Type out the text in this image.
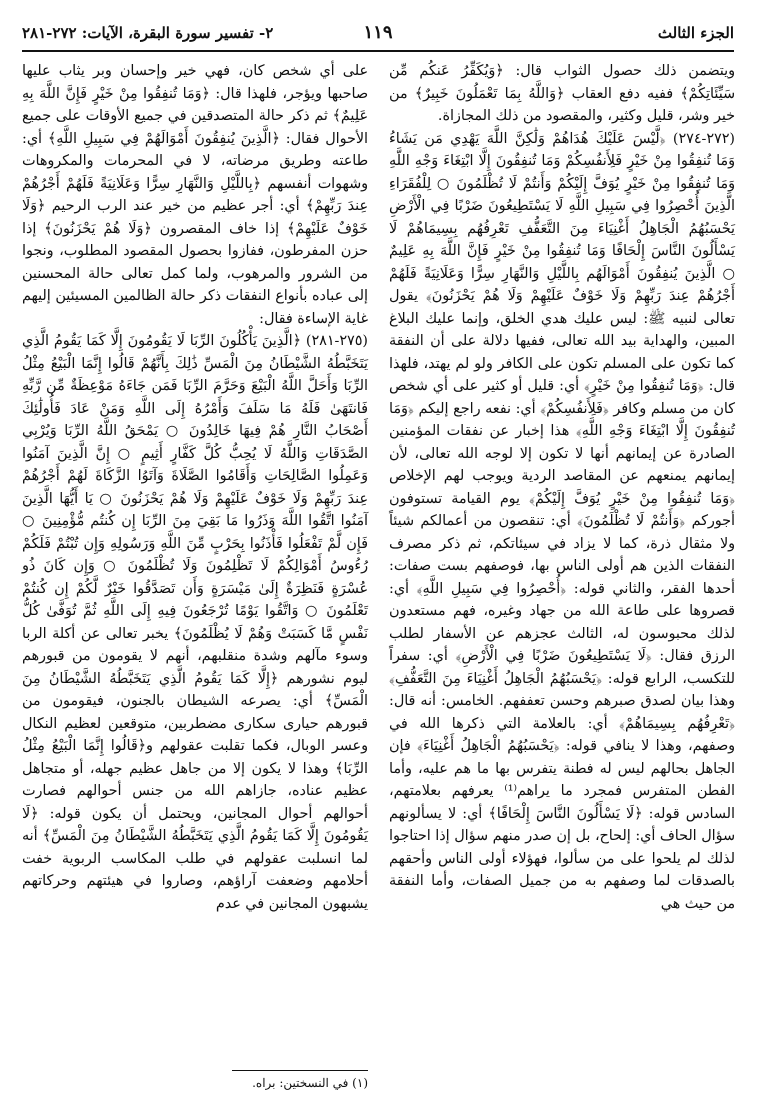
الجزء الثالث
١١٩
٢- تفسير سورة البقرة، الآيات: ٢٧٢-٢٨١

ويتضمن ذلك حصول الثواب قال: ﴿وَيُكَفِّرُ عَنكُم مِّن سَيِّئَاتِكُمْ﴾ ففيه دفع العقاب ﴿وَاللَّهُ بِمَا تَعْمَلُونَ خَبِيرٌ﴾ من خير وشر، قليل وكثير، والمقصود من ذلك المجازاة.

(٢٧٢-٢٧٤) ﴿لَّيْسَ عَلَيْكَ هُدَاهُمْ وَلَٰكِنَّ اللَّهَ يَهْدِي مَن يَشَاءُ وَمَا تُنفِقُوا مِنْ خَيْرٍ فَلِأَنفُسِكُمْ وَمَا تُنفِقُونَ إِلَّا ابْتِغَاءَ وَجْهِ اللَّهِ وَمَا تُنفِقُوا مِنْ خَيْرٍ يُوَفَّ إِلَيْكُمْ وَأَنتُمْ لَا تُظْلَمُونَ ○ لِلْفُقَرَاءِ الَّذِينَ أُحْصِرُوا فِي سَبِيلِ اللَّهِ لَا يَسْتَطِيعُونَ ضَرْبًا فِي الْأَرْضِ يَحْسَبُهُمُ الْجَاهِلُ أَغْنِيَاءَ مِنَ التَّعَفُّفِ تَعْرِفُهُم بِسِيمَاهُمْ لَا يَسْأَلُونَ النَّاسَ إِلْحَافًا وَمَا تُنفِقُوا مِنْ خَيْرٍ فَإِنَّ اللَّهَ بِهِ عَلِيمٌ ○ الَّذِينَ يُنفِقُونَ أَمْوَالَهُم بِاللَّيْلِ وَالنَّهَارِ سِرًّا وَعَلَانِيَةً فَلَهُمْ أَجْرُهُمْ عِندَ رَبِّهِمْ وَلَا خَوْفٌ عَلَيْهِمْ وَلَا هُمْ يَحْزَنُونَ﴾ يقول تعالى لنبيه ﷺ: ليس عليك هدي الخلق، وإنما عليك البلاغ المبين، والهداية بيد الله تعالى، ففيها دلالة على أن النفقة كما تكون على المسلم تكون على الكافر ولو لم يهتد، فلهذا قال: ﴿وَمَا تُنفِقُوا مِنْ خَيْرٍ﴾ أي: قليل أو كثير على أي شخص كان من مسلم وكافر ﴿فَلِأَنفُسِكُمْ﴾ أي: نفعه راجع إليكم ﴿وَمَا تُنفِقُونَ إِلَّا ابْتِغَاءَ وَجْهِ اللَّهِ﴾ هذا إخبار عن نفقات المؤمنين الصادرة عن إيمانهم أنها لا تكون إلا لوجه الله تعالى، لأن إيمانهم يمنعهم عن المقاصد الردية ويوجب لهم الإخلاص ﴿وَمَا تُنفِقُوا مِنْ خَيْرٍ يُوَفَّ إِلَيْكُمْ﴾ يوم القيامة تستوفون أجوركم ﴿وَأَنتُمْ لَا تُظْلَمُونَ﴾ أي: تنقصون من أعمالكم شيئاً ولا مثقال ذرة، كما لا يزاد في سيئاتكم، ثم ذكر مصرف النفقات الذين هم أولى الناس بها، فوصفهم بست صفات: أحدها الفقر، والثاني قوله: ﴿أُحْصِرُوا فِي سَبِيلِ اللَّهِ﴾ أي: قصروها على طاعة الله من جهاد وغيره، فهم مستعدون لذلك محبوسون له، الثالث عجزهم عن الأسفار لطلب الرزق فقال: ﴿لَا يَسْتَطِيعُونَ ضَرْبًا فِي الْأَرْضِ﴾ أي: سفراً للتكسب، الرابع قوله: ﴿يَحْسَبُهُمُ الْجَاهِلُ أَغْنِيَاءَ مِنَ التَّعَفُّفِ﴾ وهذا بيان لصدق صبرهم وحسن تعففهم. الخامس: أنه قال: ﴿تَعْرِفُهُم بِسِيمَاهُمْ﴾ أي: بالعلامة التي ذكرها الله في وصفهم، وهذا لا ينافي قوله: ﴿يَحْسَبُهُمُ الْجَاهِلُ أَغْنِيَاءَ﴾ فإن الجاهل بحالهم ليس له فطنة يتفرس بها ما هم عليه، وأما الفطن المتفرس فمجرد ما يراهم⁽¹⁾ يعرفهم بعلامتهم، السادس قوله: ﴿لَا يَسْأَلُونَ النَّاسَ إِلْحَافًا﴾ أي: لا يسألونهم سؤال الحاف أي: إلحاح، بل إن صدر منهم سؤال إذا احتاجوا لذلك لم يلحوا على من سألوا، فهؤلاء أولى الناس وأحقهم بالصدقات لما وصفهم به من جميل الصفات، وأما النفقة من حيث هي

على أي شخص كان، فهي خير وإحسان وبر يثاب عليها صاحبها ويؤجر، فلهذا قال: ﴿وَمَا تُنفِقُوا مِنْ خَيْرٍ فَإِنَّ اللَّهَ بِهِ عَلِيمٌ﴾ ثم ذكر حالة المتصدقين في جميع الأوقات على جميع الأحوال فقال: ﴿الَّذِينَ يُنفِقُونَ أَمْوَالَهُمْ فِي سَبِيلِ اللَّهِ﴾ أي: طاعته وطريق مرضاته، لا في المحرمات والمكروهات وشهوات أنفسهم ﴿بِاللَّيْلِ وَالنَّهَارِ سِرًّا وَعَلَانِيَةً فَلَهُمْ أَجْرُهُمْ عِندَ رَبِّهِمْ﴾ أي: أجر عظيم من خير عند الرب الرحيم ﴿وَلَا خَوْفٌ عَلَيْهِمْ﴾ إذا خاف المقصرون ﴿وَلَا هُمْ يَحْزَنُونَ﴾ إذا حزن المفرطون، ففازوا بحصول المقصود المطلوب، ونجوا من الشرور والمرهوب، ولما كمل تعالى حالة المحسنين إلى عباده بأنواع النفقات ذكر حالة الظالمين المسيئين إليهم غاية الإساءة فقال:

(٢٧٥-٢٨١) ﴿الَّذِينَ يَأْكُلُونَ الرِّبَا لَا يَقُومُونَ إِلَّا كَمَا يَقُومُ الَّذِي يَتَخَبَّطُهُ الشَّيْطَانُ مِنَ الْمَسِّ ذَٰلِكَ بِأَنَّهُمْ قَالُوا إِنَّمَا الْبَيْعُ مِثْلُ الرِّبَا وَأَحَلَّ اللَّهُ الْبَيْعَ وَحَرَّمَ الرِّبَا فَمَن جَاءَهُ مَوْعِظَةٌ مِّن رَّبِّهِ فَانتَهَىٰ فَلَهُ مَا سَلَفَ وَأَمْرُهُ إِلَى اللَّهِ وَمَنْ عَادَ فَأُولَٰئِكَ أَصْحَابُ النَّارِ هُمْ فِيهَا خَالِدُونَ ○ يَمْحَقُ اللَّهُ الرِّبَا وَيُرْبِي الصَّدَقَاتِ وَاللَّهُ لَا يُحِبُّ كُلَّ كَفَّارٍ أَثِيمٍ ○ إِنَّ الَّذِينَ آمَنُوا وَعَمِلُوا الصَّالِحَاتِ وَأَقَامُوا الصَّلَاةَ وَآتَوُا الزَّكَاةَ لَهُمْ أَجْرُهُمْ عِندَ رَبِّهِمْ وَلَا خَوْفٌ عَلَيْهِمْ وَلَا هُمْ يَحْزَنُونَ ○ يَا أَيُّهَا الَّذِينَ آمَنُوا اتَّقُوا اللَّهَ وَذَرُوا مَا بَقِيَ مِنَ الرِّبَا إِن كُنتُم مُّؤْمِنِينَ ○ فَإِن لَّمْ تَفْعَلُوا فَأْذَنُوا بِحَرْبٍ مِّنَ اللَّهِ وَرَسُولِهِ وَإِن تُبْتُمْ فَلَكُمْ رُءُوسُ أَمْوَالِكُمْ لَا تَظْلِمُونَ وَلَا تُظْلَمُونَ ○ وَإِن كَانَ ذُو عُسْرَةٍ فَنَظِرَةٌ إِلَىٰ مَيْسَرَةٍ وَأَن تَصَدَّقُوا خَيْرٌ لَّكُمْ إِن كُنتُمْ تَعْلَمُونَ ○ وَاتَّقُوا يَوْمًا تُرْجَعُونَ فِيهِ إِلَى اللَّهِ ثُمَّ تُوَفَّىٰ كُلُّ نَفْسٍ مَّا كَسَبَتْ وَهُمْ لَا يُظْلَمُونَ﴾ يخبر تعالى عن أكلة الربا وسوء مآلهم وشدة منقلبهم، أنهم لا يقومون من قبورهم ليوم نشورهم ﴿إِلَّا كَمَا يَقُومُ الَّذِي يَتَخَبَّطُهُ الشَّيْطَانُ مِنَ الْمَسِّ﴾ أي: يصرعه الشيطان بالجنون، فيقومون من قبورهم حيارى سكارى مضطربين، متوقعين لعظيم النكال وعسر الوبال، فكما تقلبت عقولهم و﴿قَالُوا إِنَّمَا الْبَيْعُ مِثْلُ الرِّبَا﴾ وهذا لا يكون إلا من جاهل عظيم جهله، أو متجاهل عظيم عناده، جازاهم الله من جنس أحوالهم فصارت أحوالهم أحوال المجانين، ويحتمل أن يكون قوله: ﴿لَا يَقُومُونَ إِلَّا كَمَا يَقُومُ الَّذِي يَتَخَبَّطُهُ الشَّيْطَانُ مِنَ الْمَسِّ﴾ أنه لما انسلبت عقولهم في طلب المكاسب الربوية خفت أحلامهم وضعفت آراؤهم، وصاروا في هيئتهم وحركاتهم يشبهون المجانين في عدم

(١) في النسختين: براه.
